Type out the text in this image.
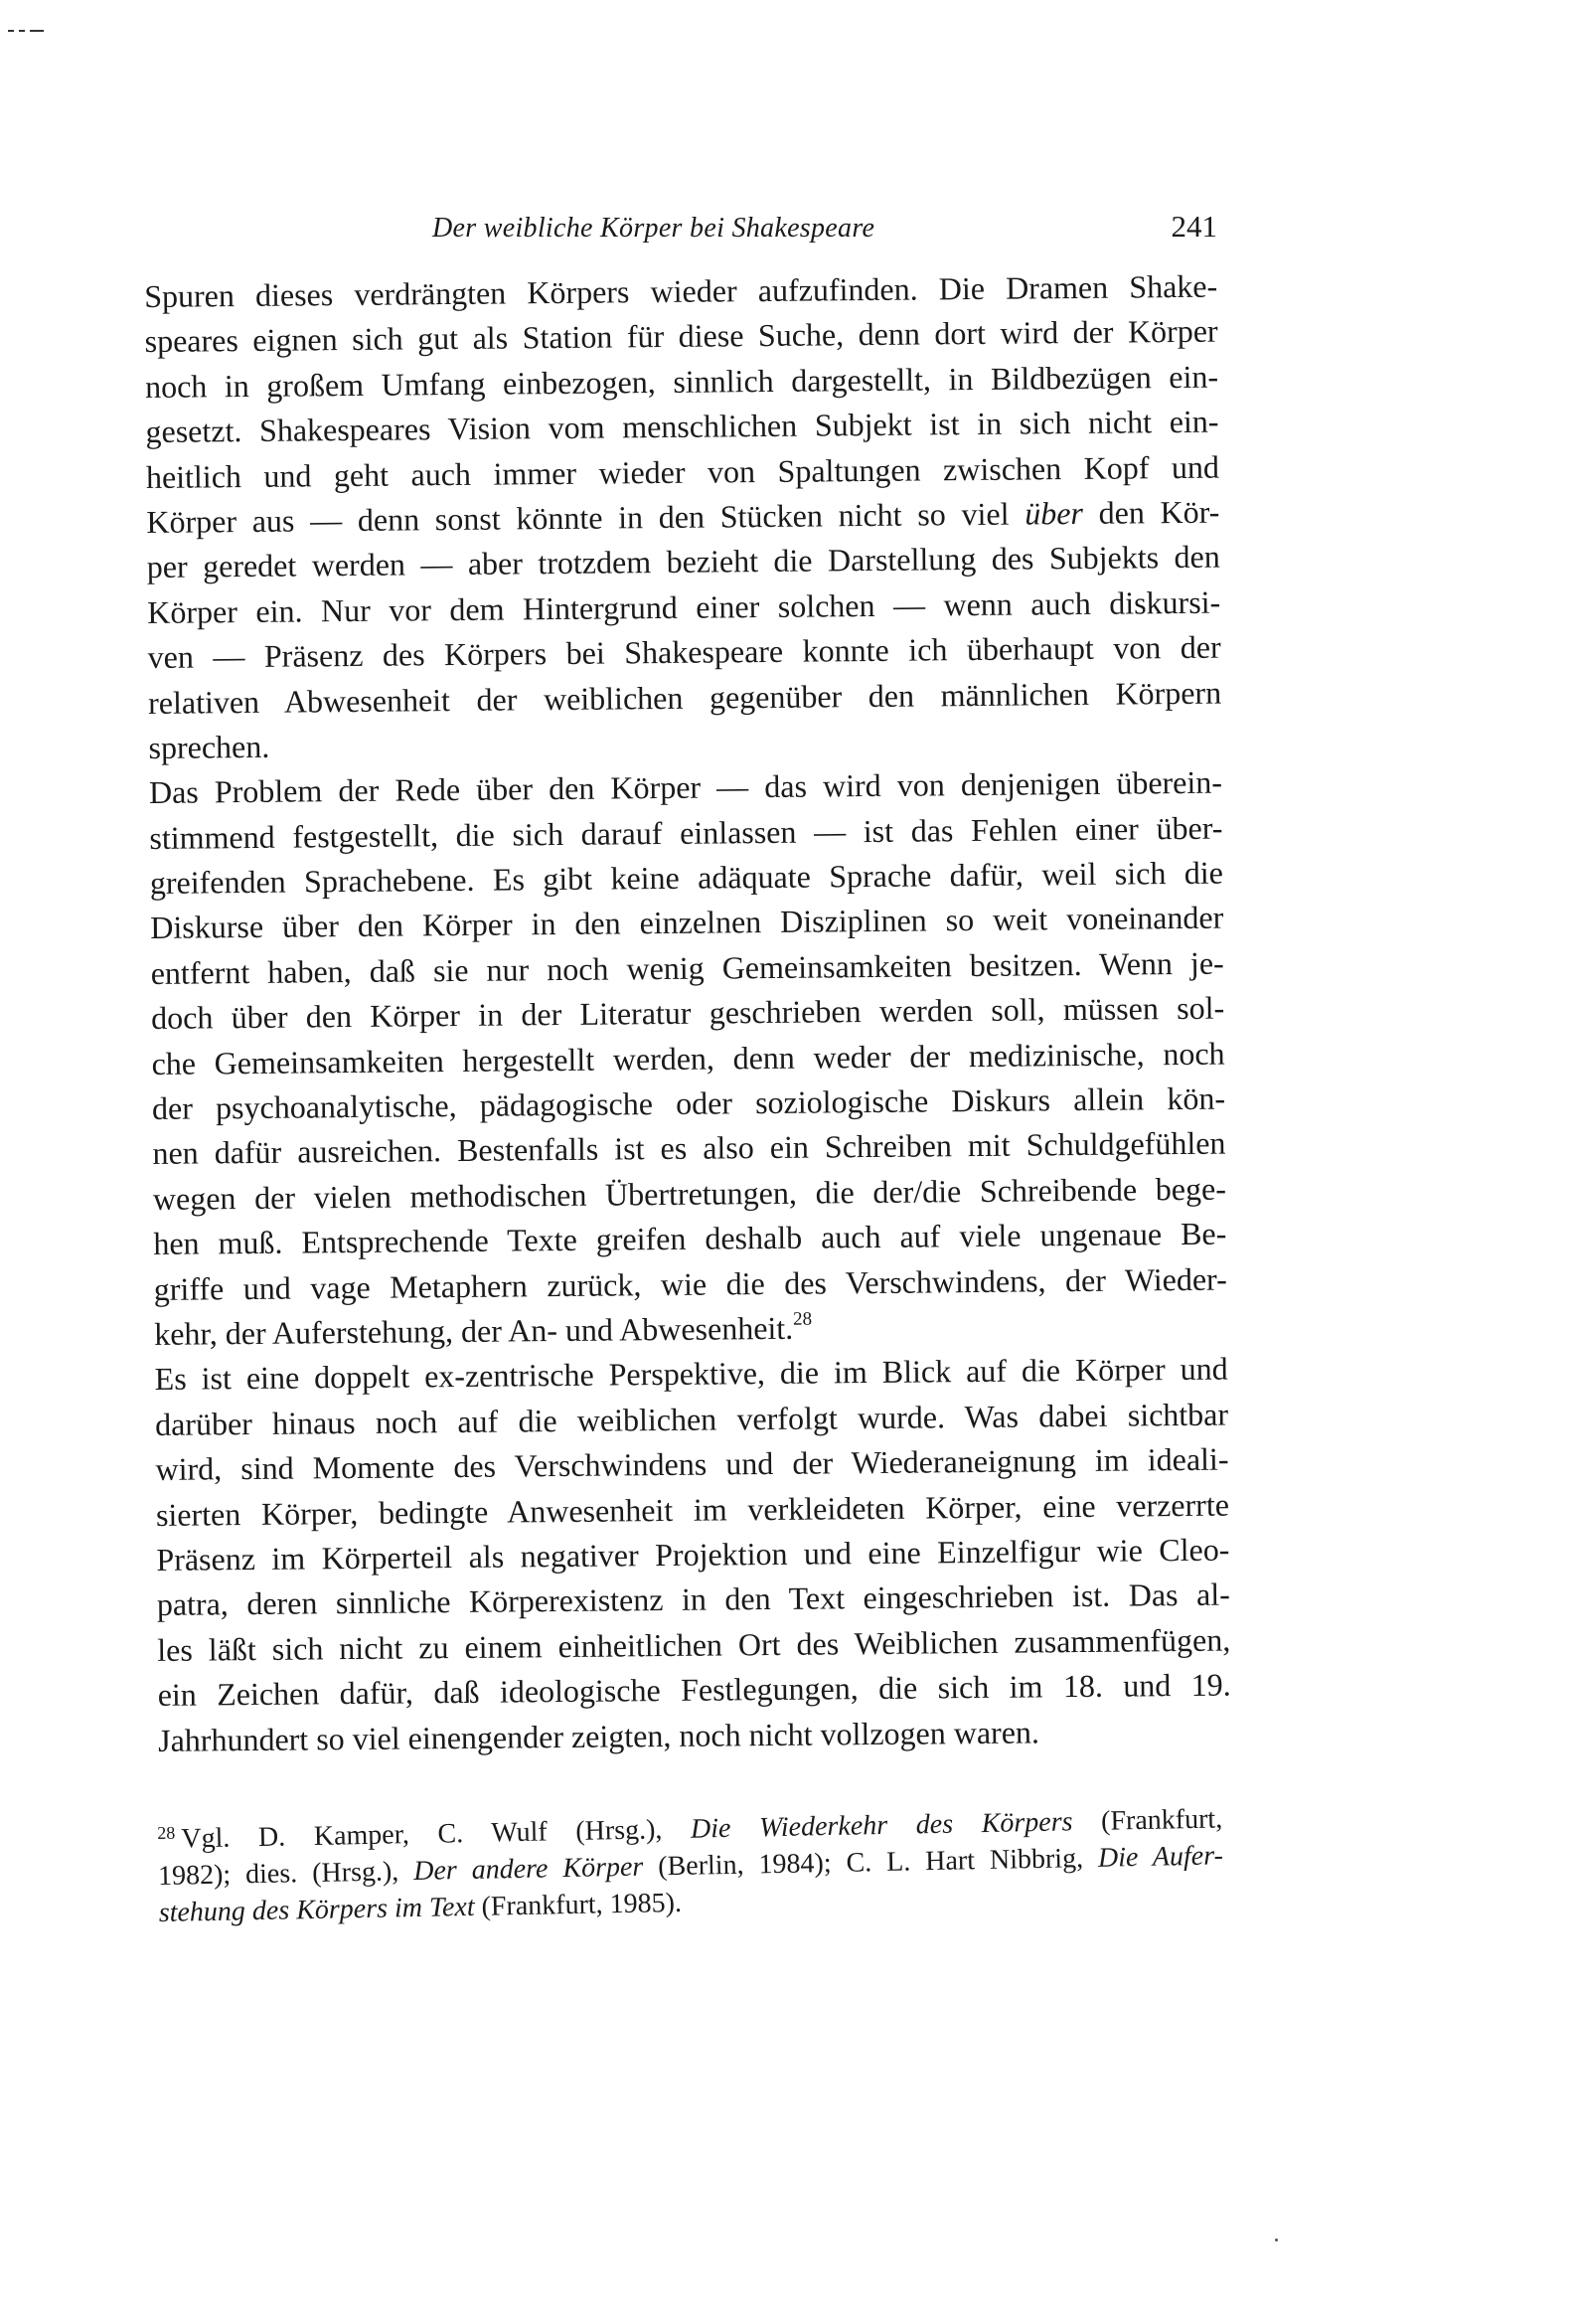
Der weibliche Körper bei Shakespeare	241
Spuren dieses verdrängten Körpers wieder aufzufinden. Die Dramen Shake-
speares eignen sich gut als Station für diese Suche, denn dort wird der Körper
noch in großem Umfang einbezogen, sinnlich dargestellt, in Bildbezügen ein-
gesetzt. Shakespeares Vision vom menschlichen Subjekt ist in sich nicht ein-
heitlich und geht auch immer wieder von Spaltungen zwischen Kopf und
Körper aus — denn sonst könnte in den Stücken nicht so viel über den Kör-
per geredet werden — aber trotzdem bezieht die Darstellung des Subjekts den
Körper ein. Nur vor dem Hintergrund einer solchen — wenn auch diskursi-
ven — Präsenz des Körpers bei Shakespeare konnte ich überhaupt von der
relativen Abwesenheit der weiblichen gegenüber den männlichen Körpern
sprechen.
Das Problem der Rede über den Körper — das wird von denjenigen überein-
stimmend festgestellt, die sich darauf einlassen — ist das Fehlen einer über-
greifenden Sprachebene. Es gibt keine adäquate Sprache dafür, weil sich die
Diskurse über den Körper in den einzelnen Disziplinen so weit voneinander
entfernt haben, daß sie nur noch wenig Gemeinsamkeiten besitzen. Wenn je-
doch über den Körper in der Literatur geschrieben werden soll, müssen sol-
che Gemeinsamkeiten hergestellt werden, denn weder der medizinische, noch
der psychoanalytische, pädagogische oder soziologische Diskurs allein kön-
nen dafür ausreichen. Bestenfalls ist es also ein Schreiben mit Schuldgefühlen
wegen der vielen methodischen Übertretungen, die der/die Schreibende bege-
hen muß. Entsprechende Texte greifen deshalb auch auf viele ungenaue Be-
griffe und vage Metaphern zurück, wie die des Verschwindens, der Wieder-
kehr, der Auferstehung, der An- und Abwesenheit.$^{28}$
Es ist eine doppelt ex-zentrische Perspektive, die im Blick auf die Körper und
darüber hinaus noch auf die weiblichen verfolgt wurde. Was dabei sichtbar
wird, sind Momente des Verschwindens und der Wiederaneignung im ideali-
sierten Körper, bedingte Anwesenheit im verkleideten Körper, eine verzerrte
Präsenz im Körperteil als negativer Projektion und eine Einzelfigur wie Cleo-
patra, deren sinnliche Körperexistenz in den Text eingeschrieben ist. Das al-
les läßt sich nicht zu einem einheitlichen Ort des Weiblichen zusammenfügen,
ein Zeichen dafür, daß ideologische Festlegungen, die sich im 18. und 19.
Jahrhundert so viel einengender zeigten, noch nicht vollzogen waren.
$^{28}$ Vgl. D. Kamper, C. Wulf (Hrsg.), Die Wiederkehr des Körpers (Frankfurt,
1982); dies. (Hrsg.), Der andere Körper (Berlin, 1984); C. L. Hart Nibbrig, Die Aufer-
stehung des Körpers im Text (Frankfurt, 1985).
